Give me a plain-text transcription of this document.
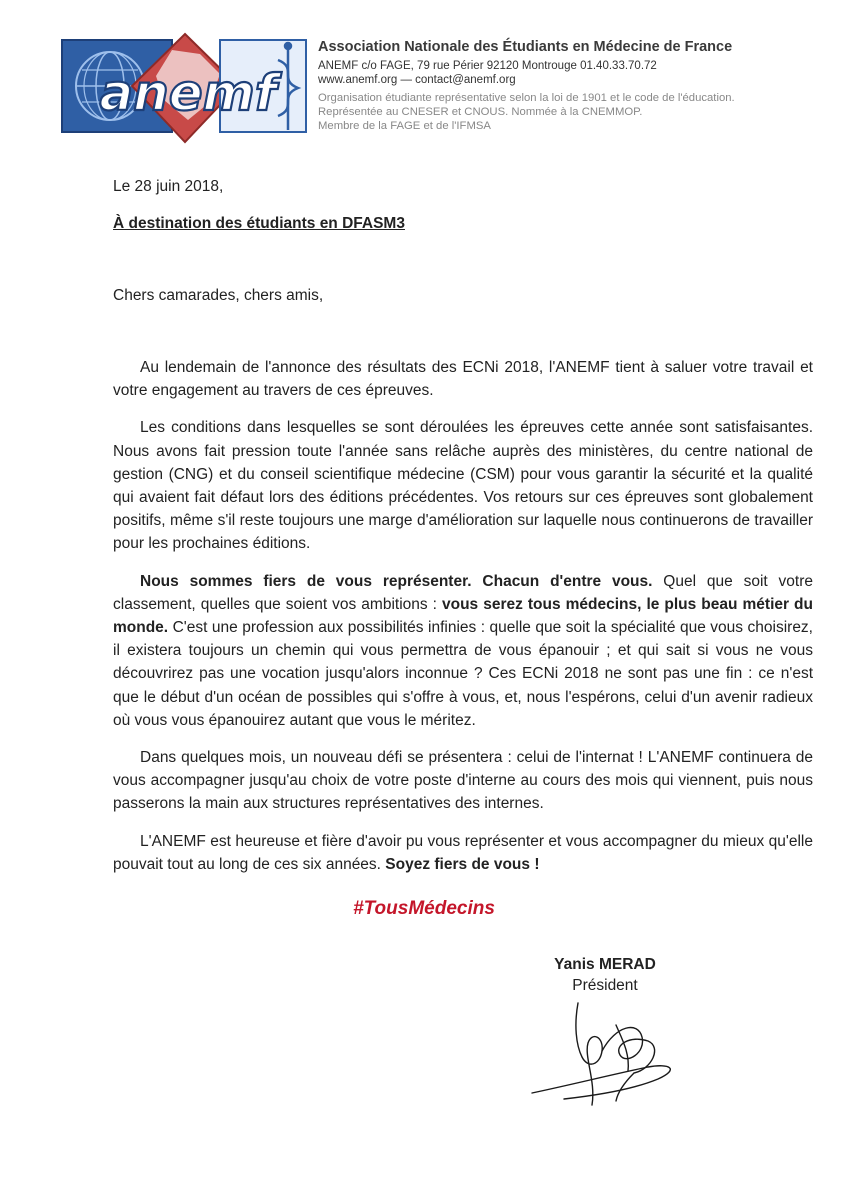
anemf
Association Nationale des Étudiants en Médecine de France
ANEMF c/o FAGE, 79 rue Périer 92120 Montrouge 01.40.33.70.72
www.anemf.org — contact@anemf.org
Organisation étudiante représentative selon la loi de 1901 et le code de l'éducation.
Représentée au CNESER et CNOUS. Nommée à la CNEMMOP.
Membre de la FAGE et de l'IFMSA
Le 28 juin 2018,
À destination des étudiants en DFASM3
Chers camarades, chers amis,

Au lendemain de l'annonce des résultats des ECNi 2018, l'ANEMF tient à saluer votre travail et votre engagement au travers de ces épreuves.

Les conditions dans lesquelles se sont déroulées les épreuves cette année sont satisfaisantes. Nous avons fait pression toute l'année sans relâche auprès des ministères, du centre national de gestion (CNG) et du conseil scientifique médecine (CSM) pour vous garantir la sécurité et la qualité qui avaient fait défaut lors des éditions précédentes. Vos retours sur ces épreuves sont globalement positifs, même s'il reste toujours une marge d'amélioration sur laquelle nous continuerons de travailler pour les prochaines éditions.

Nous sommes fiers de vous représenter. Chacun d'entre vous. Quel que soit votre classement, quelles que soient vos ambitions : vous serez tous médecins, le plus beau métier du monde. C'est une profession aux possibilités infinies : quelle que soit la spécialité que vous choisirez, il existera toujours un chemin qui vous permettra de vous épanouir ; et qui sait si vous ne vous découvrirez pas une vocation jusqu'alors inconnue ? Ces ECNi 2018 ne sont pas une fin : ce n'est que le début d'un océan de possibles qui s'offre à vous, et, nous l'espérons, celui d'un avenir radieux où vous vous épanouirez autant que vous le méritez.

Dans quelques mois, un nouveau défi se présentera : celui de l'internat ! L'ANEMF continuera de vous accompagner jusqu'au choix de votre poste d'interne au cours des mois qui viennent, puis nous passerons la main aux structures représentatives des internes.

L'ANEMF est heureuse et fière d'avoir pu vous représenter et vous accompagner du mieux qu'elle pouvait tout au long de ces six années. Soyez fiers de vous !

#TousMédecins
Yanis MERAD
Président
